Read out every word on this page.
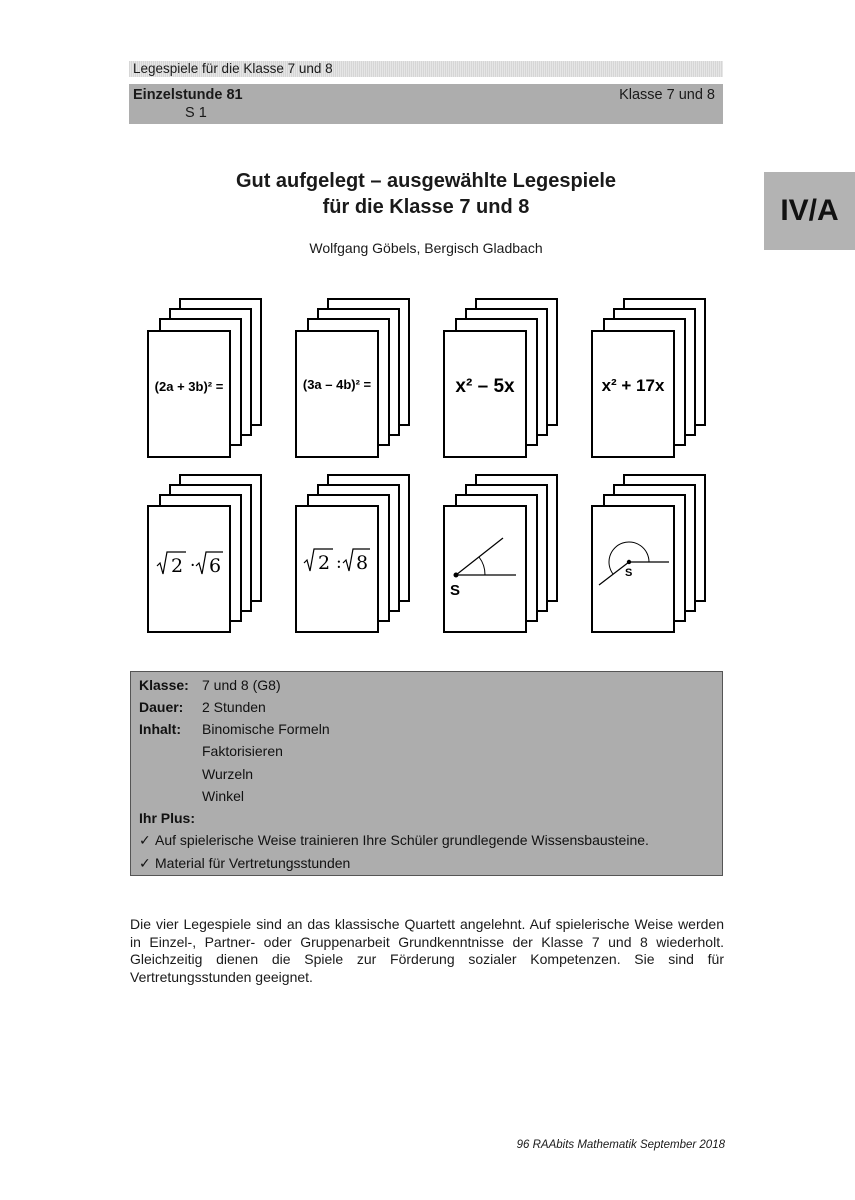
Legespiele für die Klasse 7 und 8
Einzelstunde 81
S 1
Klasse 7 und 8
IV/A
Gut aufgelegt – ausgewählte Legespiele
für die Klasse 7 und 8
Wolfgang Göbels, Bergisch Gladbach
(2a + 3b)² =	(3a – 4b)² =	x² – 5x	x² + 17x
2 · 6	2 : 8
S
S
Klasse: 7 und 8 (G8)
Dauer: 2 Stunden
Inhalt: Binomische Formeln
Faktorisieren
Wurzeln
Winkel
Ihr Plus:
✓ Auf spielerische Weise trainieren Ihre Schüler grundlegende Wissensbausteine.
✓ Material für Vertretungsstunden

Die vier Legespiele sind an das klassische Quartett angelehnt. Auf spielerische Weise werden in Einzel-, Partner- oder Gruppenarbeit Grundkenntnisse der Klasse 7 und 8 wiederholt. Gleichzeitig dienen die Spiele zur Förderung sozialer Kompetenzen. Sie sind für Vertretungsstunden geeignet.

96 RAAbits Mathematik September 2018
